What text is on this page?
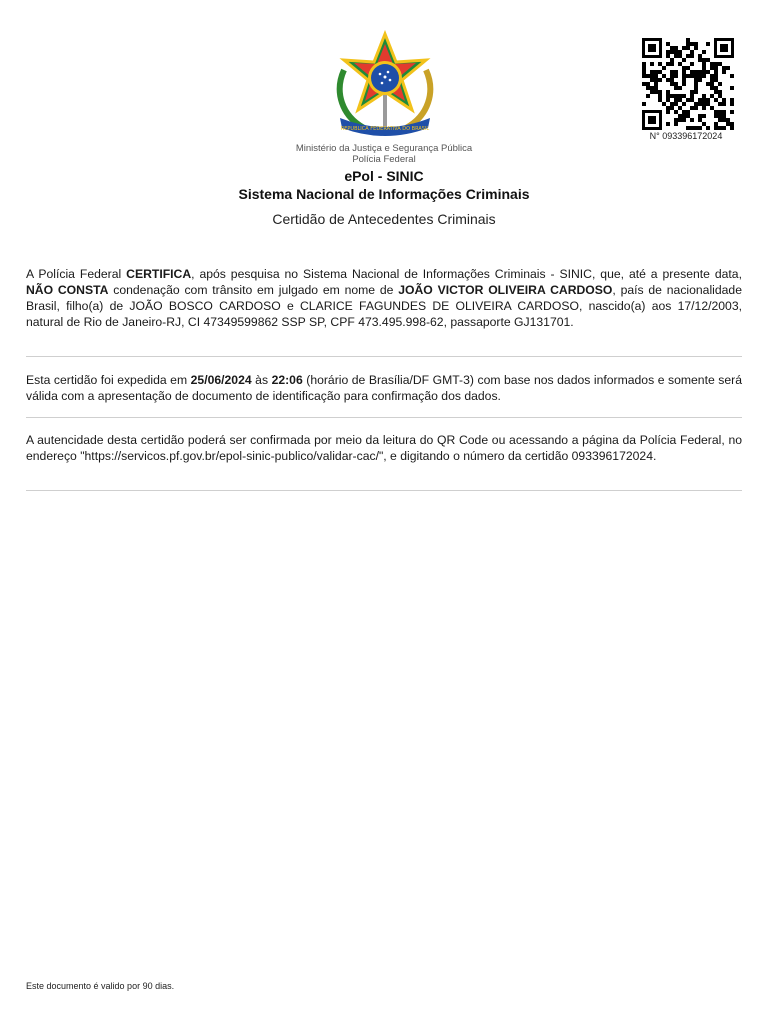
REPUBLICA FEDERATIVA DO BRASIL
N° 093396172024
Ministério da Justiça e Segurança Pública
Polícia Federal
ePol - SINIC
Sistema Nacional de Informações Criminais
Certidão de Antecedentes Criminais
A Polícia Federal CERTIFICA, após pesquisa no Sistema Nacional de Informações Criminais - SINIC, que, até a presente data, NÃO CONSTA condenação com trânsito em julgado em nome de JOÃO VICTOR OLIVEIRA CARDOSO, país de nacionalidade Brasil, filho(a) de JOÃO BOSCO CARDOSO e CLARICE FAGUNDES DE OLIVEIRA CARDOSO, nascido(a) aos 17/12/2003, natural de Rio de Janeiro-RJ, CI 47349599862 SSP SP, CPF 473.495.998-62, passaporte GJ131701.
Esta certidão foi expedida em 25/06/2024 às 22:06 (horário de Brasília/DF GMT-3) com base nos dados informados e somente será válida com a apresentação de documento de identificação para confirmação dos dados.
A autencidade desta certidão poderá ser confirmada por meio da leitura do QR Code ou acessando a página da Polícia Federal, no endereço "https://servicos.pf.gov.br/epol-sinic-publico/validar-cac/", e digitando o número da certidão 093396172024.
Este documento é valido por 90 dias.
